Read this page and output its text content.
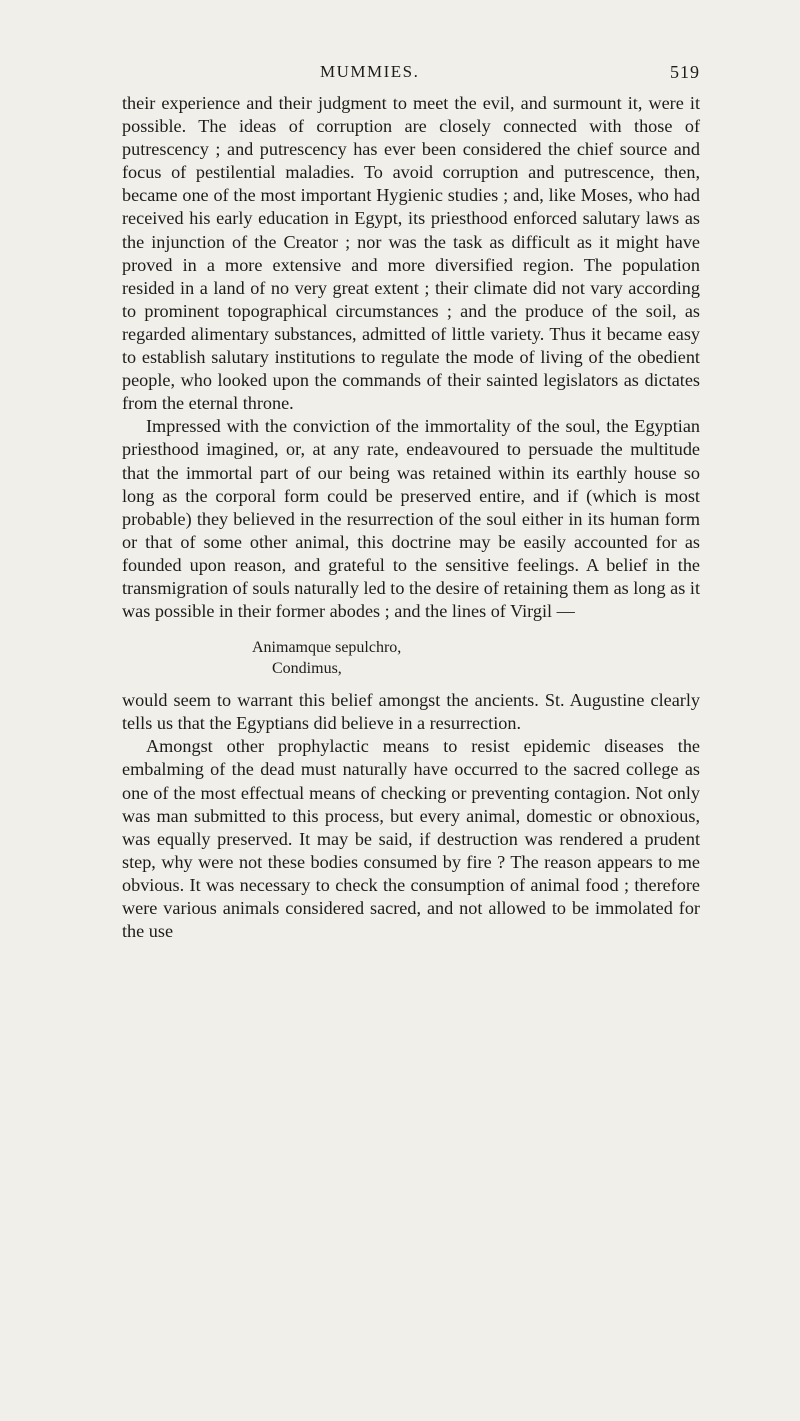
MUMMIES.	519

their experience and their judgment to meet the evil, and surmount it, were it possible. The ideas of corruption are closely connected with those of putrescency ; and putrescency has ever been considered the chief source and focus of pestilential maladies. To avoid corruption and putrescence, then, became one of the most important Hygienic studies ; and, like Moses, who had received his early education in Egypt, its priesthood enforced salutary laws as the injunction of the Creator ; nor was the task as difficult as it might have proved in a more extensive and more diversified region. The population resided in a land of no very great extent ; their climate did not vary according to prominent topographical circumstances ; and the produce of the soil, as regarded alimentary substances, admitted of little variety. Thus it became easy to establish salutary institutions to regulate the mode of living of the obedient people, who looked upon the commands of their sainted legislators as dictates from the eternal throne.

Impressed with the conviction of the immortality of the soul, the Egyptian priesthood imagined, or, at any rate, endeavoured to persuade the multitude that the immortal part of our being was retained within its earthly house so long as the corporal form could be preserved entire, and if (which is most probable) they believed in the resurrection of the soul either in its human form or that of some other animal, this doctrine may be easily accounted for as founded upon reason, and grateful to the sensitive feelings. A belief in the transmigration of souls naturally led to the desire of retaining them as long as it was possible in their former abodes ; and the lines of Virgil —

Animamque sepulchro,
Condimus,

would seem to warrant this belief amongst the ancients. St. Augustine clearly tells us that the Egyptians did believe in a resurrection.

Amongst other prophylactic means to resist epidemic diseases the embalming of the dead must naturally have occurred to the sacred college as one of the most effectual means of checking or preventing contagion. Not only was man submitted to this process, but every animal, domestic or obnoxious, was equally preserved. It may be said, if destruction was rendered a prudent step, why were not these bodies consumed by fire ? The reason appears to me obvious. It was necessary to check the consumption of animal food ; therefore were various animals considered sacred, and not allowed to be immolated for the use
